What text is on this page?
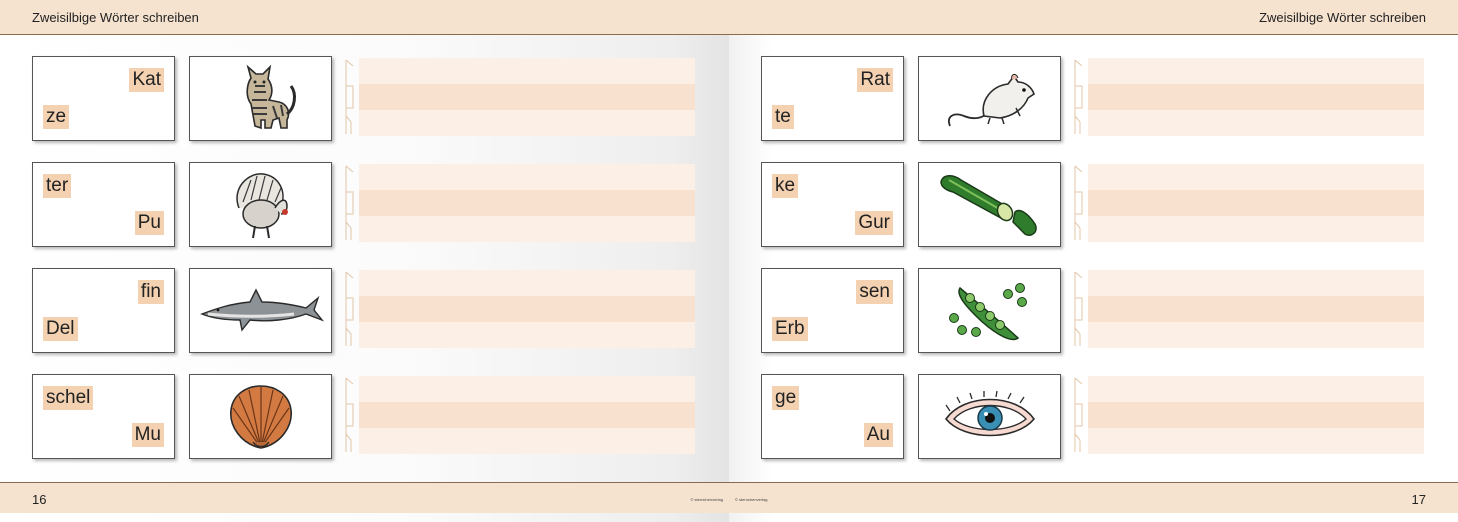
Zweisilbige Wörter schreiben
Kat
ze
ter
Pu
fin
Del
schel
Mu
16	© sternchenverlag
Zweisilbige Wörter schreiben
Rat
te
ke
Gur
sen
Erb
ge
Au
© sternchenverlag	17
